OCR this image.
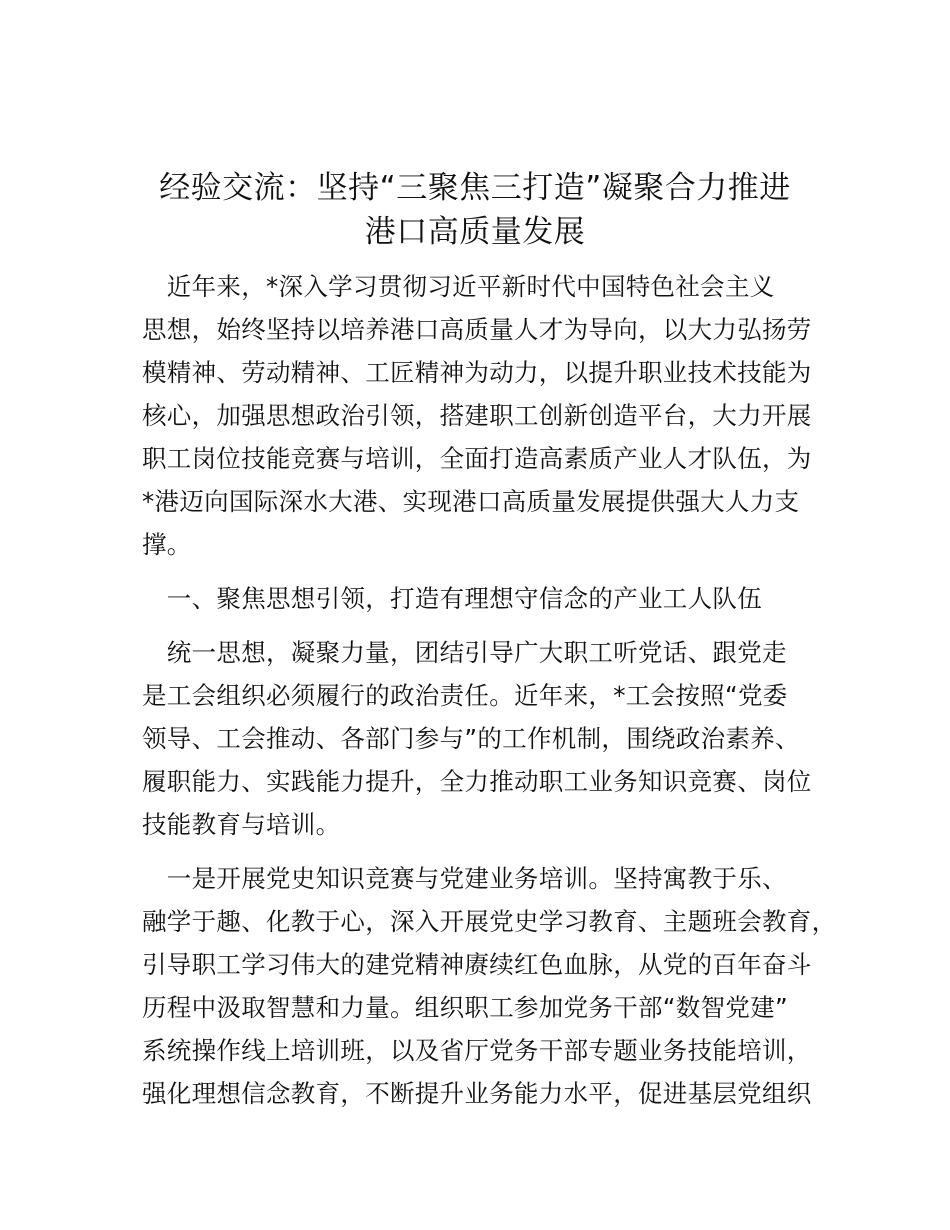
经验交流：坚持“三聚焦三打造”凝聚合力推进
港口高质量发展
　近年来，*深入学习贯彻习近平新时代中国特色社会主义
思想，始终坚持以培养港口高质量人才为导向，以大力弘扬劳
模精神、劳动精神、工匠精神为动力，以提升职业技术技能为
核心，加强思想政治引领，搭建职工创新创造平台，大力开展
职工岗位技能竞赛与培训，全面打造高素质产业人才队伍，为
*港迈向国际深水大港、实现港口高质量发展提供强大人力支
撑。
　一、聚焦思想引领，打造有理想守信念的产业工人队伍
　统一思想，凝聚力量，团结引导广大职工听党话、跟党走
是工会组织必须履行的政治责任。近年来，*工会按照“党委
领导、工会推动、各部门参与”的工作机制，围绕政治素养、
履职能力、实践能力提升，全力推动职工业务知识竞赛、岗位
技能教育与培训。
　一是开展党史知识竞赛与党建业务培训。坚持寓教于乐、
融学于趣、化教于心，深入开展党史学习教育、主题班会教育，
引导职工学习伟大的建党精神赓续红色血脉，从党的百年奋斗
历程中汲取智慧和力量。组织职工参加党务干部“数智党建”
系统操作线上培训班，以及省厅党务干部专题业务技能培训，
强化理想信念教育，不断提升业务能力水平，促进基层党组织
